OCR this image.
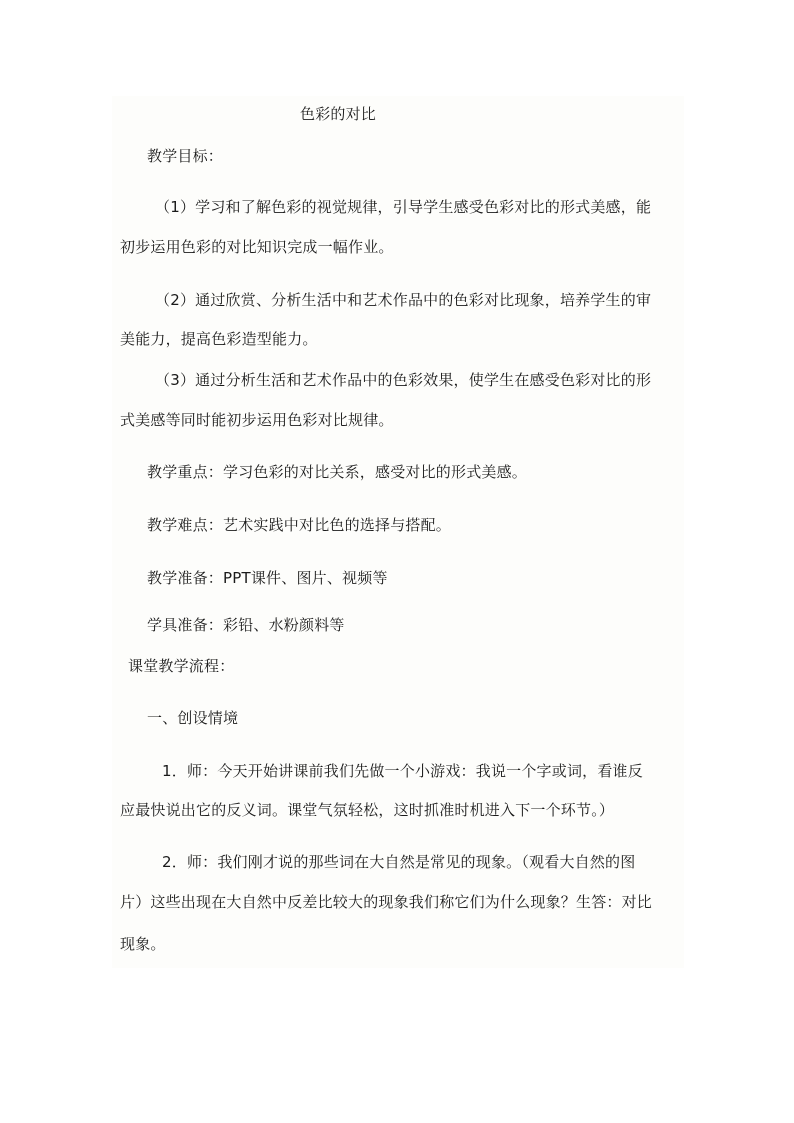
色彩的对比
教学目标：
（1）学习和了解色彩的视觉规律，引导学生感受色彩对比的形式美感，能
初步运用色彩的对比知识完成一幅作业。
（2）通过欣赏、分析生活中和艺术作品中的色彩对比现象，培养学生的审
美能力，提高色彩造型能力。
（3）通过分析生活和艺术作品中的色彩效果，使学生在感受色彩对比的形
式美感等同时能初步运用色彩对比规律。
教学重点：学习色彩的对比关系，感受对比的形式美感。
教学难点：艺术实践中对比色的选择与搭配。
教学准备：PPT课件、图片、视频等
学具准备：彩铅、水粉颜料等
课堂教学流程：
一、创设情境
1．师：今天开始讲课前我们先做一个小游戏：我说一个字或词，看谁反
应最快说出它的反义词。课堂气氛轻松，这时抓准时机进入下一个环节。）
2．师：我们刚才说的那些词在大自然是常见的现象。（观看大自然的图
片）这些出现在大自然中反差比较大的现象我们称它们为什么现象？生答：对比
现象。
